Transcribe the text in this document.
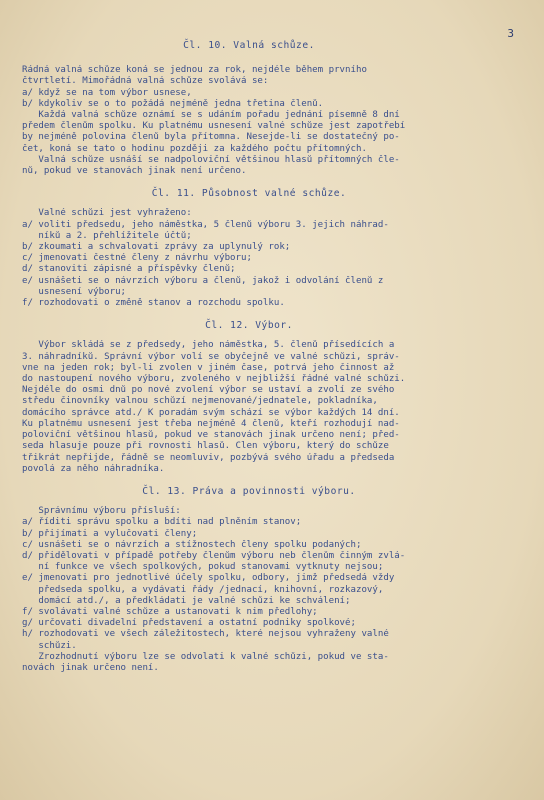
3
Čl. 10. Valná schůze.
Řádná valná schůze koná se jednou za rok, nejdéle během prvního
čtvrtletí. Mimořádná valná schůze svolává se:
a/ když se na tom výbor usnese,
b/ kdykoliv se o to požádá nejméně jedna třetina členů.
Každá valná schůze oznámí se s udáním pořadu jednání písemně 8 dní
předem členům spolku. Ku platnému usnesení valné schůze jest zapotřebí
by nejméně polovina členů byla přítomna. Nesejde-li se dostatečný po-
čet, koná se tato o hodinu později za každého počtu přítomných.
Valná schůze usnáší se nadpoloviční většinou hlasů přítomných čle-
nů, pokud ve stanovách jinak není určeno.
Čl. 11. Působnost valné schůze.
Valné schůzi jest vyhraženo:
a/ voliti předsedu, jeho náměstka, 5 členů výboru 3. jejich náhrad-
níků a 2. přehlížitele účtů;
b/ zkoumati a schvalovati zprávy za uplynulý rok;
c/ jmenovati čestné členy z návrhu výboru;
d/ stanoviti zápisné a příspěvky členů;
e/ usnášeti se o návrzích výboru a členů, jakož i odvolání členů z
usnesení výboru;
f/ rozhodovati o změně stanov a rozchodu spolku.
Čl. 12. Výbor.
Výbor skládá se z předsedy, jeho náměstka, 5. členů přísedících a
3. náhradníků. Správní výbor volí se obyčejně ve valné schůzi, správ-
vne na jeden rok; byl-li zvolen v jiném čase, potrvá jeho činnost až
do nastoupení nového výboru, zvoleného v nejbližší řádné valné schůzi.
Nejdéle do osmi dnů po nové zvolení výbor se ustaví a zvolí ze svého
středu činovníky valnou schůzí nejmenované/jednatele, pokladníka,
domácího správce atd./ K poradám svým schází se výbor každých 14 dní.
Ku platnému usnesení jest třeba nejméně 4 členů, kteří rozhodují nad-
poloviční většinou hlasů, pokud ve stanovách jinak určeno není; před-
seda hlasuje pouze při rovnosti hlasů. Člen výboru, který do schůze
třikrát nepřijde, řádně se neomluviv, pozbývá svého úřadu a předseda
povolá za něho náhradníka.
Čl. 13. Práva a povinnosti výboru.
Správnímu výboru přísluší:
a/ říditi správu spolku a bdíti nad plněním stanov;
b/ přijímati a vylučovati členy;
c/ usnášeti se o návrzích a stížnostech členy spolku podaných;
d/ přidělovati v případě potřeby členům výboru neb členům činným zvlá-
ní funkce ve všech spolkových, pokud stanovami vytknuty nejsou;
e/ jmenovati pro jednotlivé účely spolku, odbory, jimž předsedá vždy
předseda spolku, a vydávati řády /jednací, knihovní, rozkazový,
domácí atd./, a předkládati je valné schůzi ke schválení;
f/ svolávati valné schůze a ustanovati k nim předlohy;
g/ určovati divadelní představení a ostatní podniky spolkové;
h/ rozhodovati ve všech záležitostech, které nejsou vyhraženy valné
schůzi.
Zrozhodnutí výboru lze se odvolati k valné schůzi, pokud ve sta-
novách jinak určeno není.
